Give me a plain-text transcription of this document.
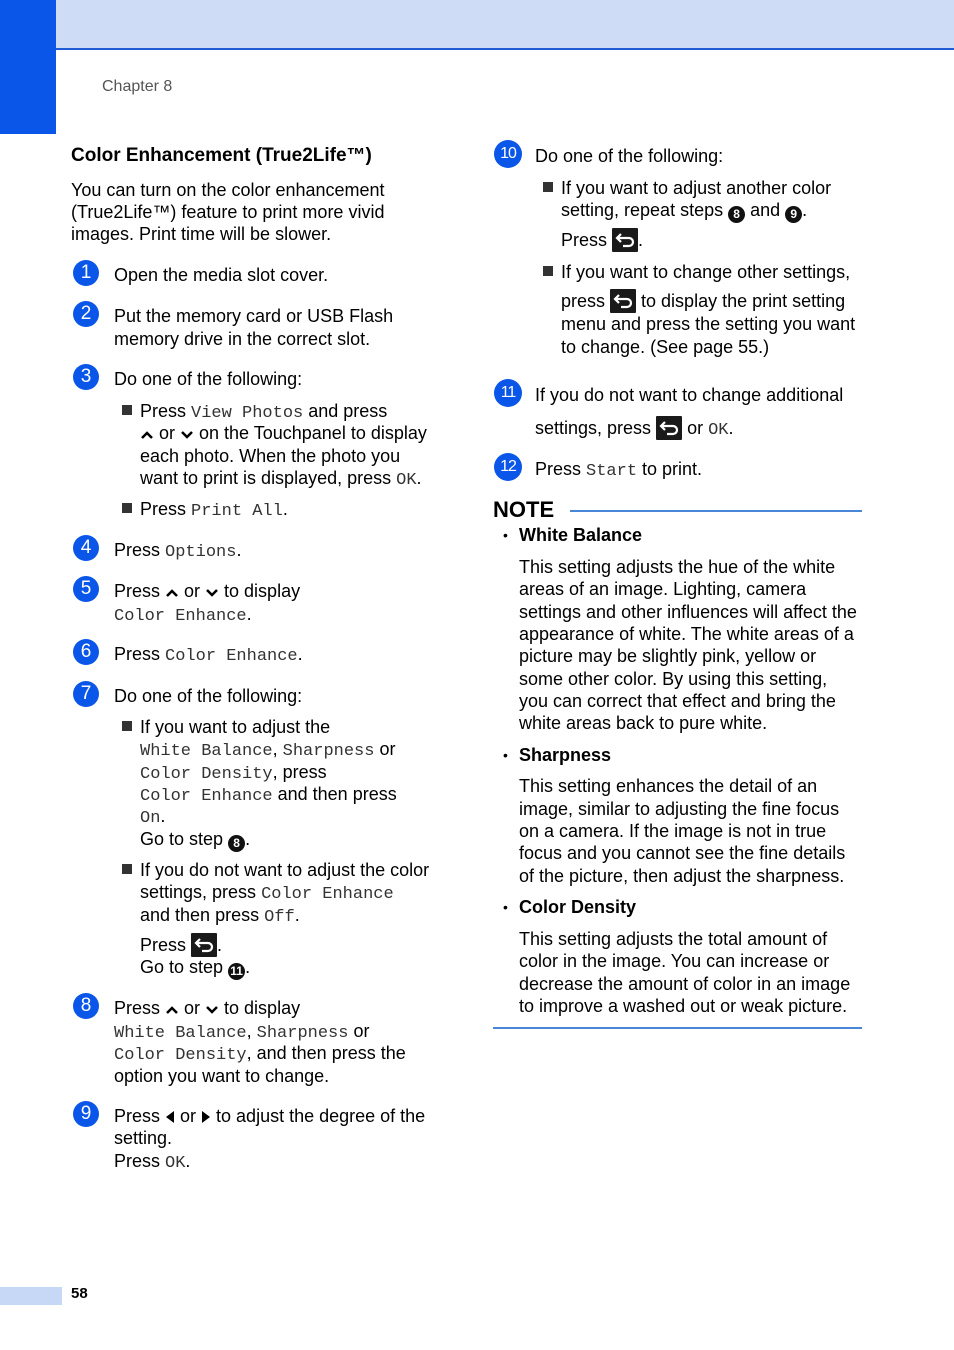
Chapter 8
Color Enhancement (True2Life™)
You can turn on the color enhancement
(True2Life™) feature to print more vivid
images. Print time will be slower.
1	Open the media slot cover.
2	Put the memory card or USB Flash
memory drive in the correct slot.
3	Do one of the following:
Press View Photos and press
or  on the Touchpanel to display
each photo. When the photo you
want to print is displayed, press OK.
Press Print All.
4	Press Options.
5	Press  or  to display
Color Enhance.
6	Press Color Enhance.
7	Do one of the following:
If you want to adjust the
White Balance, Sharpness or
Color Density, press
Color Enhance and then press
On.
Go to step 8 .
If you do not want to adjust the color
settings, press Color Enhance
and then press Off.
Press
.
Go to step 11 .
8	Press  or  to display
White Balance, Sharpness or
Color Density, and then press the
option you want to change.
9	Press  or  to adjust the degree of the
setting.
Press OK.
10	Do one of the following:
If you want to adjust another color
setting, repeat steps 8 and 9 .
Press
.
If you want to change other settings,
press
to display the print setting
menu and press the setting you want
to change. (See page 55.)
11	If you do not want to change additional
settings, press
or OK.
12	Press Start to print.
NOTE
• White Balance
This setting adjusts the hue of the white
areas of an image. Lighting, camera
settings and other influences will affect the
appearance of white. The white areas of a
picture may be slightly pink, yellow or
some other color. By using this setting,
you can correct that effect and bring the
white areas back to pure white.
• Sharpness
This setting enhances the detail of an
image, similar to adjusting the fine focus
on a camera. If the image is not in true
focus and you cannot see the fine details
of the picture, then adjust the sharpness.
• Color Density
This setting adjusts the total amount of
color in the image. You can increase or
decrease the amount of color in an image
to improve a washed out or weak picture.
58
